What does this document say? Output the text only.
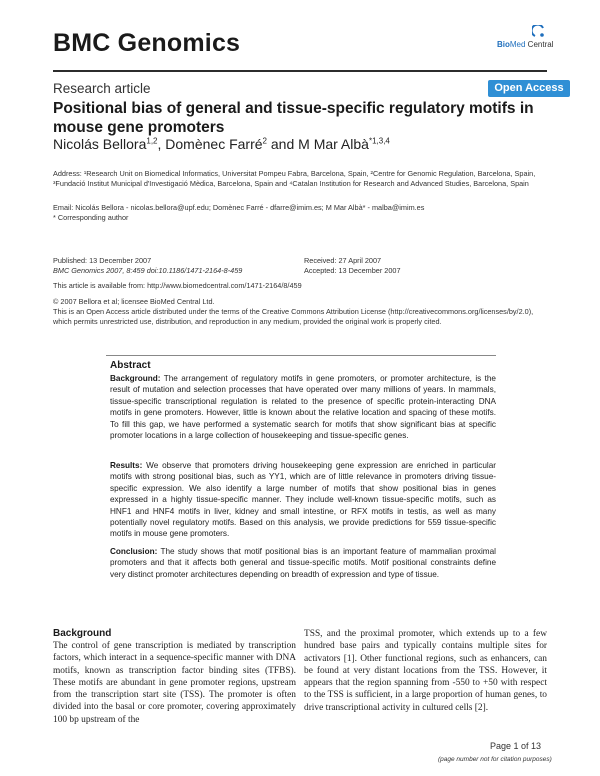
BMC Genomics	BioMed Central
Research article	Open Access
Positional bias of general and tissue-specific regulatory motifs in mouse gene promoters
Nicolás Bellora$^{1,2}$, Domènec Farré$^2$ and M Mar Albà$^{*1,3,4}$
Address: ¹Research Unit on Biomedical Informatics, Universitat Pompeu Fabra, Barcelona, Spain, ²Centre for Genomic Regulation, Barcelona, Spain, ³Fundació Institut Municipal d'Investigació Mèdica, Barcelona, Spain and ⁴Catalan Institution for Research and Advanced Studies, Barcelona, Spain
Email: Nicolás Bellora - nicolas.bellora@upf.edu; Domènec Farré - dfarre@imim.es; M Mar Albà* - malba@imim.es
* Corresponding author
Published: 13 December 2007
BMC Genomics 2007, 8:459 doi:10.1186/1471-2164-8-459
Received: 27 April 2007
Accepted: 13 December 2007
This article is available from: http://www.biomedcentral.com/1471-2164/8/459
© 2007 Bellora et al; licensee BioMed Central Ltd.
This is an Open Access article distributed under the terms of the Creative Commons Attribution License (http://creativecommons.org/licenses/by/2.0), which permits unrestricted use, distribution, and reproduction in any medium, provided the original work is properly cited.
Abstract
Background: The arrangement of regulatory motifs in gene promoters, or promoter architecture, is the result of mutation and selection processes that have operated over many millions of years. In mammals, tissue-specific transcriptional regulation is related to the presence of specific protein-interacting DNA motifs in gene promoters. However, little is known about the relative location and spacing of these motifs. To fill this gap, we have performed a systematic search for motifs that show significant bias at specific promoter locations in a large collection of housekeeping and tissue-specific genes.
Results: We observe that promoters driving housekeeping gene expression are enriched in particular motifs with strong positional bias, such as YY1, which are of little relevance in promoters driving tissue-specific expression. We also identify a large number of motifs that show positional bias in genes expressed in a highly tissue-specific manner. They include well-known tissue-specific motifs, such as HNF1 and HNF4 motifs in liver, kidney and small intestine, or RFX motifs in testis, as well as many potentially novel regulatory motifs. Based on this analysis, we provide predictions for 559 tissue-specific motifs in mouse gene promoters.
Conclusion: The study shows that motif positional bias is an important feature of mammalian proximal promoters and that it affects both general and tissue-specific motifs. Motif positional constraints define very distinct promoter architectures depending on breadth of expression and type of tissue.
Background
The control of gene transcription is mediated by transcription factors, which interact in a sequence-specific manner with DNA motifs, known as transcription factor binding sites (TFBS). These motifs are abundant in gene promoter regions, upstream from the transcription start site (TSS). The promoter is often divided into the basal or core promoter, covering approximately 100 bp upstream of the
TSS, and the proximal promoter, which extends up to a few hundred base pairs and typically contains multiple sites for activators [1]. Other functional regions, such as enhancers, can be found at very distant locations from the TSS. However, it appears that the region spanning from -550 to +50 with respect to the TSS is sufficient, in a large proportion of human genes, to drive transcriptional activity in cultured cells [2].
Page 1 of 13
(page number not for citation purposes)
